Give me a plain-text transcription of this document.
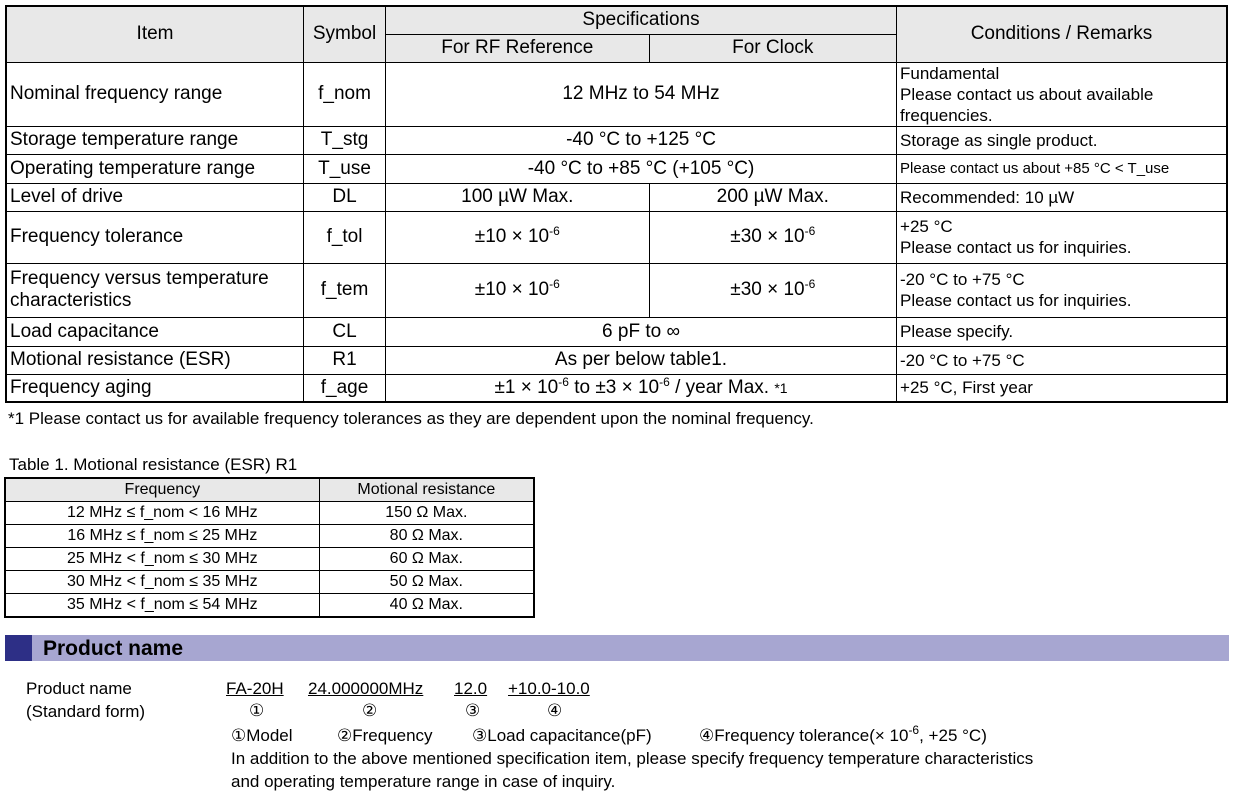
Item	Symbol	Specifications		Conditions / Remarks
		For RF Reference	For Clock	
Nominal frequency range	f_nom	12 MHz to 54 MHz		Fundamental
Please contact us about available
frequencies.
Storage temperature range	T_stg	-40 °C to +125 °C		Storage as single product.
Operating temperature range	T_use	-40 °C to +85 °C (+105 °C)		Please contact us about +85 °C < T_use
Level of drive	DL	100 µW Max.	200 µW Max.	Recommended: 10 µW
Frequency tolerance	f_tol	$\pm 10 \times 10^{-6}$	$\pm 30 \times 10^{-6}$	+25 °C
Please contact us for inquiries.
Frequency versus temperature
characteristics	f_tem	$\pm 10 \times 10^{-6}$	$\pm 30 \times 10^{-6}$	-20 °C to +75 °C
Please contact us for inquiries.
Load capacitance	CL	6 pF to ∞		Please specify.
Motional resistance (ESR)	R1	As per below table1.		-20 °C to +75 °C
Frequency aging	f_age	$\pm 1 \times 10^{-6}$ to $\pm 3 \times 10^{-6}$ / year Max. *1		+25 °C, First year
*1 Please contact us for available frequency tolerances as they are dependent upon the nominal frequency.
Table 1. Motional resistance (ESR) R1
Frequency	Motional resistance
12 MHz ≤ f_nom < 16 MHz	150 Ω Max.
16 MHz ≤ f_nom ≤ 25 MHz	80 Ω Max.
25 MHz < f_nom ≤ 30 MHz	60 Ω Max.
30 MHz < f_nom ≤ 35 MHz	50 Ω Max.
35 MHz < f_nom ≤ 54 MHz	40 Ω Max.
Product name
Product name
(Standard form)
FA-20H 24.000000MHz 12.0 +10.0-10.0
①	②	③	④
①Model	②Frequency ③Load capacitance(pF)	④Frequency tolerance(× $10^{-6}$, +25 °C)
In addition to the above mentioned specification item, please specify frequency temperature characteristics
and operating temperature range in case of inquiry.
